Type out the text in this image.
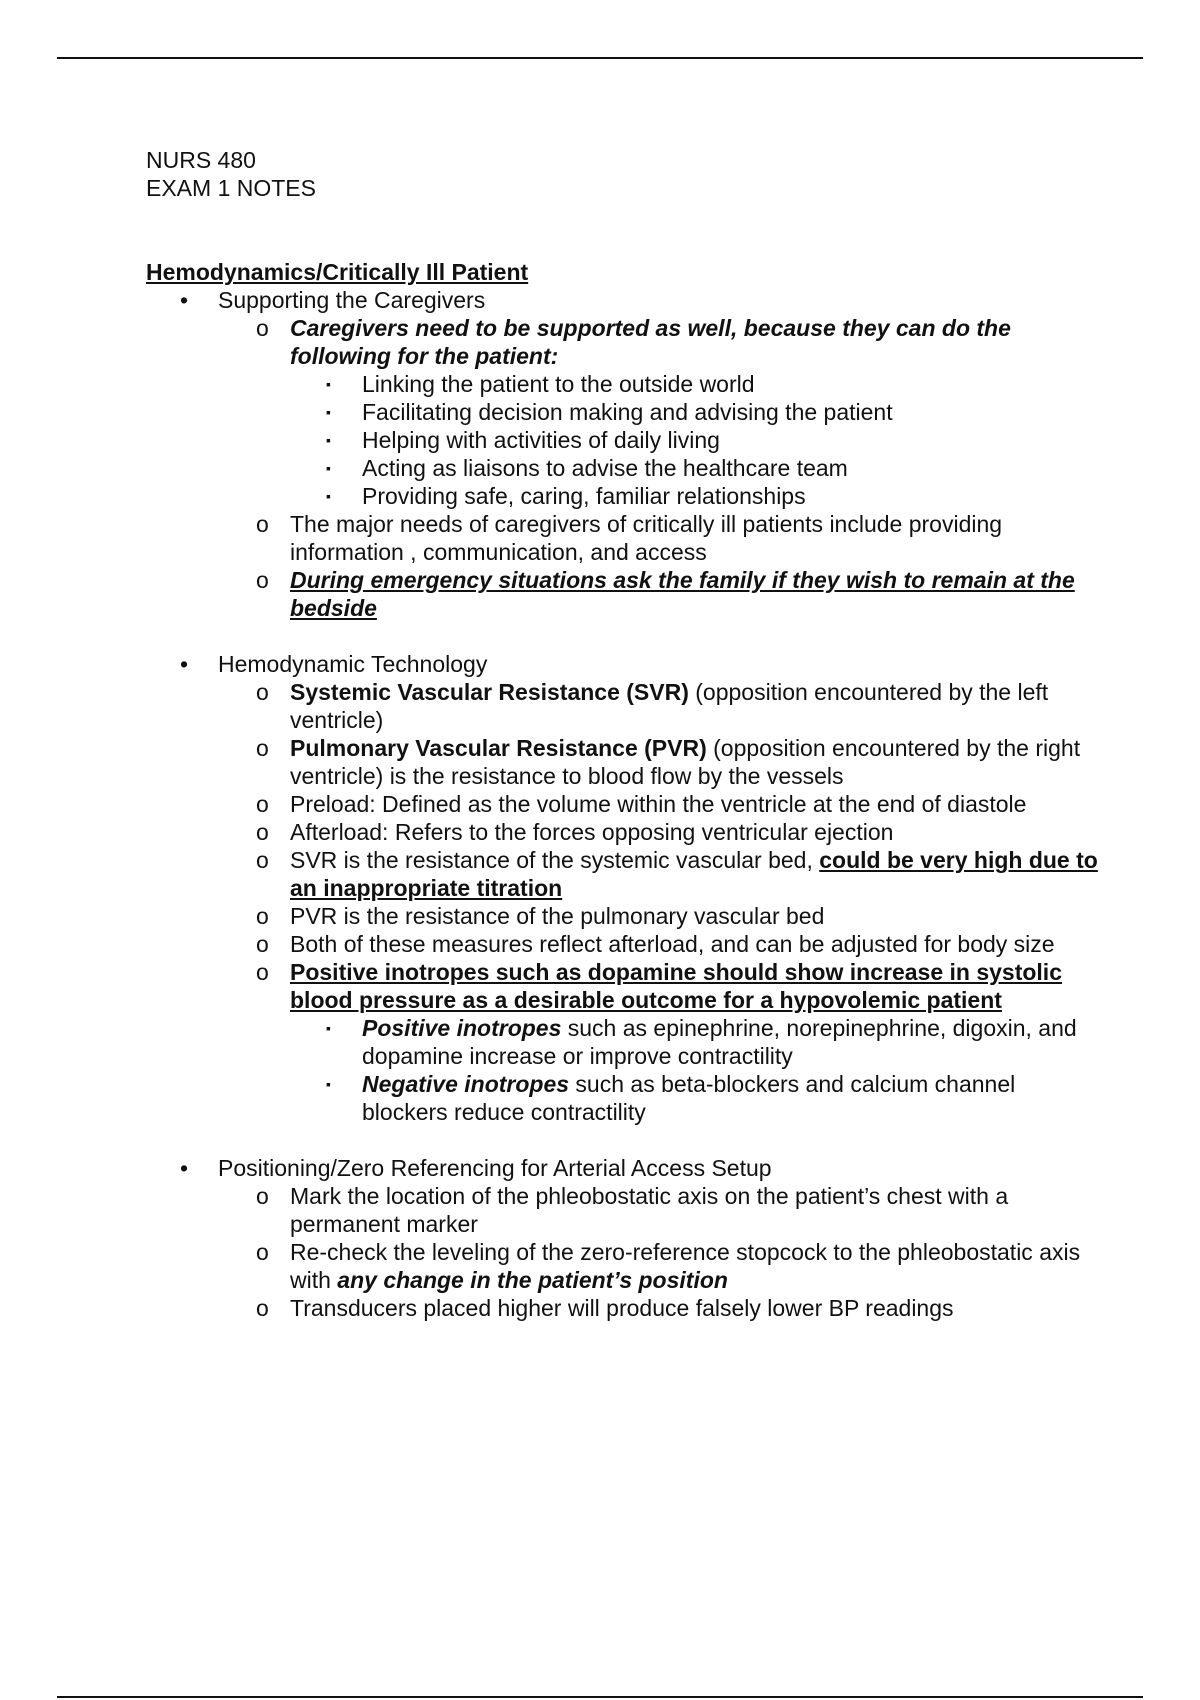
NURS 480

EXAM 1 NOTES

Hemodynamics/Critically Ill Patient

• Supporting the Caregivers
o Caregivers need to be supported as well, because they can do the following for the patient:
▪ Linking the patient to the outside world
▪ Facilitating decision making and advising the patient
▪ Helping with activities of daily living
▪ Acting as liaisons to advise the healthcare team
▪ Providing safe, caring, familiar relationships
o The major needs of caregivers of critically ill patients include providing information , communication, and access
o During emergency situations ask the family if they wish to remain at the bedside
• Hemodynamic Technology
o Systemic Vascular Resistance (SVR) (opposition encountered by the left ventricle)
o Pulmonary Vascular Resistance (PVR) (opposition encountered by the right ventricle) is the resistance to blood flow by the vessels
o Preload: Defined as the volume within the ventricle at the end of diastole
o Afterload: Refers to the forces opposing ventricular ejection
o SVR is the resistance of the systemic vascular bed, could be very high due to an inappropriate titration
o PVR is the resistance of the pulmonary vascular bed
o Both of these measures reflect afterload, and can be adjusted for body size
o Positive inotropes such as dopamine should show increase in systolic blood pressure as a desirable outcome for a hypovolemic patient
▪ Positive inotropes such as epinephrine, norepinephrine, digoxin, and dopamine increase or improve contractility
▪ Negative inotropes such as beta-blockers and calcium channel blockers reduce contractility
• Positioning/Zero Referencing for Arterial Access Setup
o Mark the location of the phleobostatic axis on the patient’s chest with a permanent marker
o Re-check the leveling of the zero-reference stopcock to the phleobostatic axis with any change in the patient’s position
o Transducers placed higher will produce falsely lower BP readings
